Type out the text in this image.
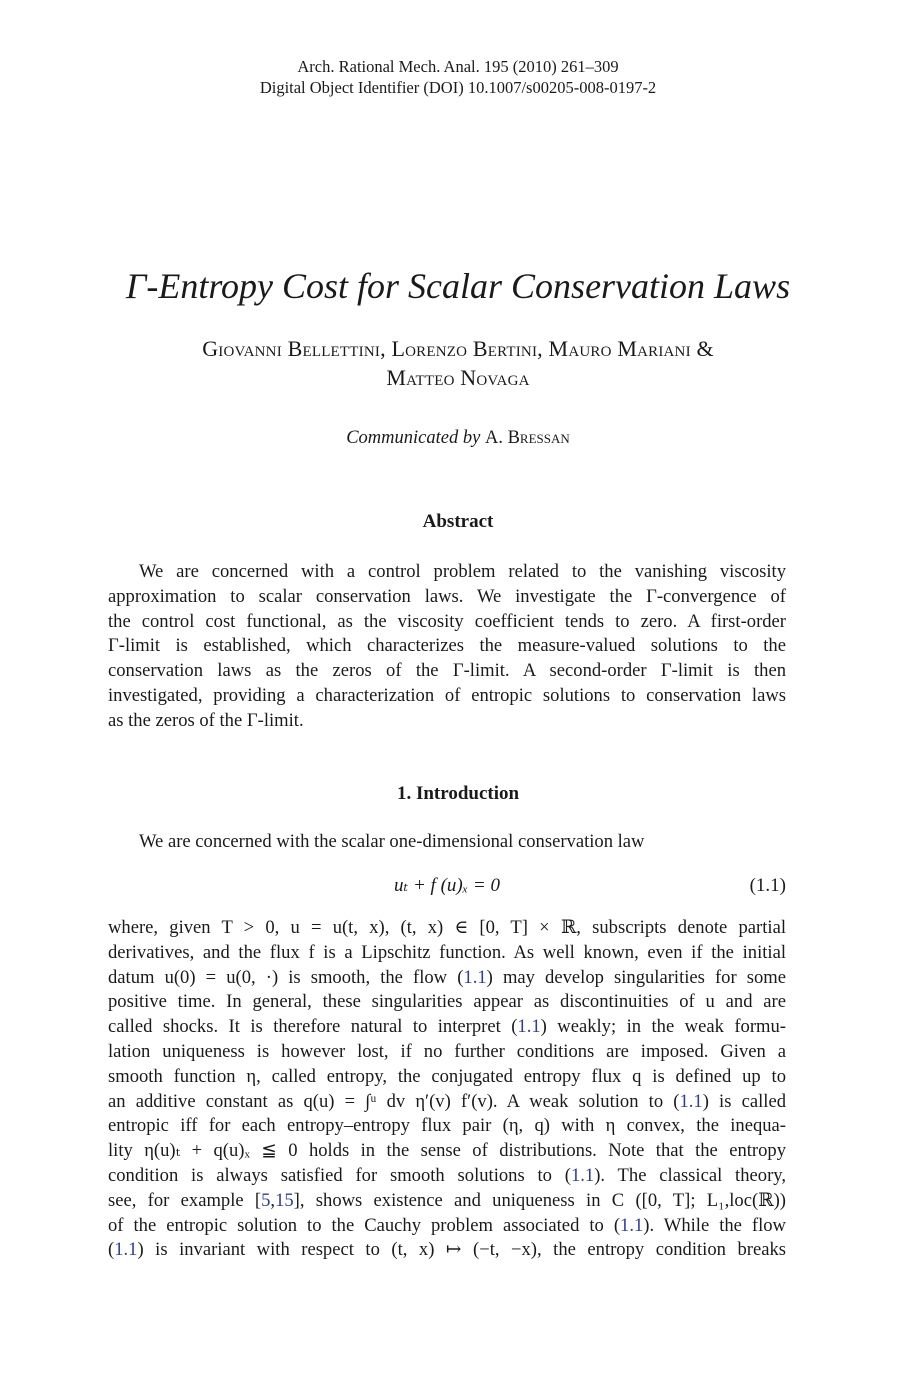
Arch. Rational Mech. Anal. 195 (2010) 261–309
Digital Object Identifier (DOI) 10.1007/s00205-008-0197-2
Γ-Entropy Cost for Scalar Conservation Laws
Giovanni Bellettini, Lorenzo Bertini, Mauro Mariani &
Matteo Novaga
Communicated by A. Bressan
Abstract
We are concerned with a control problem related to the vanishing viscosity
approximation to scalar conservation laws. We investigate the Γ-convergence of
the control cost functional, as the viscosity coefficient tends to zero. A first-order
Γ-limit is established, which characterizes the measure-valued solutions to the
conservation laws as the zeros of the Γ-limit. A second-order Γ-limit is then
investigated, providing a characterization of entropic solutions to conservation laws
as the zeros of the Γ-limit.
1. Introduction
We are concerned with the scalar one-dimensional conservation law
uₜ + f (u)ₓ = 0	(1.1)
where, given T > 0, u = u(t, x), (t, x) ∈ [0, T] × ℝ, subscripts denote partial
derivatives, and the flux f is a Lipschitz function. As well known, even if the initial
datum u(0) = u(0, ·) is smooth, the flow (1.1) may develop singularities for some
positive time. In general, these singularities appear as discontinuities of u and are
called shocks. It is therefore natural to interpret (1.1) weakly; in the weak formu-
lation uniqueness is however lost, if no further conditions are imposed. Given a
smooth function η, called entropy, the conjugated entropy flux q is defined up to
an additive constant as q(u) = ∫ᵘ dv η′(v) f′(v). A weak solution to (1.1) is called
entropic iff for each entropy–entropy flux pair (η, q) with η convex, the inequa-
lity η(u)ₜ + q(u)ₓ ≦ 0 holds in the sense of distributions. Note that the entropy
condition is always satisfied for smooth solutions to (1.1). The classical theory,
see, for example [5,15], shows existence and uniqueness in C ([0, T]; L₁,loc(ℝ))
of the entropic solution to the Cauchy problem associated to (1.1). While the flow
(1.1) is invariant with respect to (t, x) ↦ (−t, −x), the entropy condition breaks
